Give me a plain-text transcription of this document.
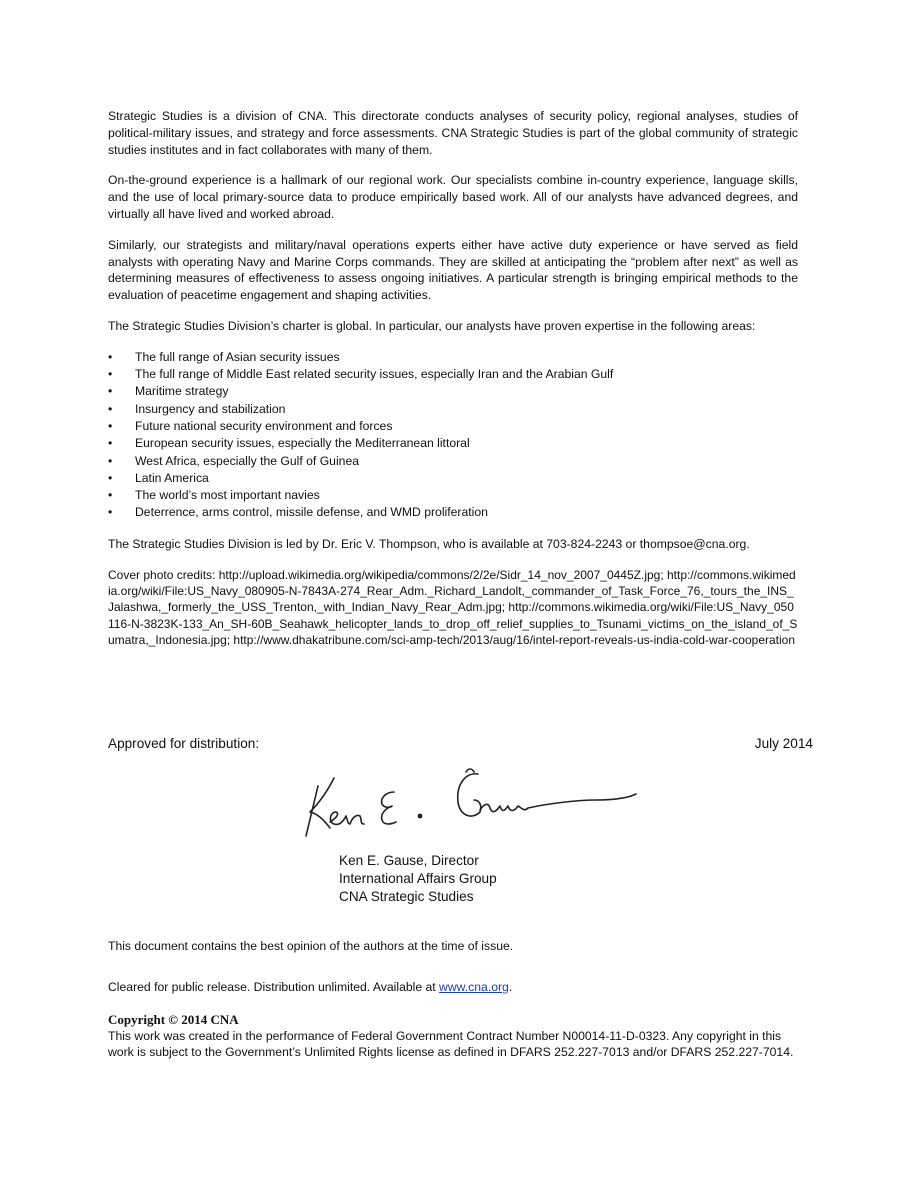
Strategic Studies is a division of CNA. This directorate conducts analyses of security policy, regional analyses, studies of political-military issues, and strategy and force assessments. CNA Strategic Studies is part of the global community of strategic studies institutes and in fact collaborates with many of them.

On-the-ground experience is a hallmark of our regional work. Our specialists combine in-country experience, language skills, and the use of local primary-source data to produce empirically based work. All of our analysts have advanced degrees, and virtually all have lived and worked abroad.

Similarly, our strategists and military/naval operations experts either have active duty experience or have served as field analysts with operating Navy and Marine Corps commands. They are skilled at anticipating the “problem after next” as well as determining measures of effectiveness to assess ongoing initiatives. A particular strength is bringing empirical methods to the evaluation of peacetime engagement and shaping activities.

The Strategic Studies Division’s charter is global. In particular, our analysts have proven expertise in the following areas:

• The full range of Asian security issues
• The full range of Middle East related security issues, especially Iran and the Arabian Gulf
• Maritime strategy
• Insurgency and stabilization
• Future national security environment and forces
• European security issues, especially the Mediterranean littoral
• West Africa, especially the Gulf of Guinea
• Latin America
• The world’s most important navies
• Deterrence, arms control, missile defense, and WMD proliferation

The Strategic Studies Division is led by Dr. Eric V. Thompson, who is available at 703-824-2243 or thompsoe@cna.org.

Cover photo credits: http://upload.wikimedia.org/wikipedia/commons/2/2e/Sidr_14_nov_2007_0445Z.jpg; http://commons.wikimedia.org/wiki/File:US_Navy_080905-N-7843A-274_Rear_Adm._Richard_Landolt,_commander_of_Task_Force_76,_tours_the_INS_Jalashwa,_formerly_the_USS_Trenton,_with_Indian_Navy_Rear_Adm.jpg; http://commons.wikimedia.org/wiki/File:US_Navy_050116-N-3823K-133_An_SH-60B_Seahawk_helicopter_lands_to_drop_off_relief_supplies_to_Tsunami_victims_on_the_island_of_Sumatra,_Indonesia.jpg; http://www.dhakatribune.com/sci-amp-tech/2013/aug/16/intel-report-reveals-us-india-cold-war-cooperation

Approved for distribution:	July 2014
Ken E. Gause, Director
International Affairs Group
CNA Strategic Studies
This document contains the best opinion of the authors at the time of issue.
Cleared for public release. Distribution unlimited. Available at www.cna.org.
Copyright © 2014 CNA
This work was created in the performance of Federal Government Contract Number N00014-11-D-0323. Any copyright in this work is subject to the Government’s Unlimited Rights license as defined in DFARS 252.227-7013 and/or DFARS 252.227-7014.
